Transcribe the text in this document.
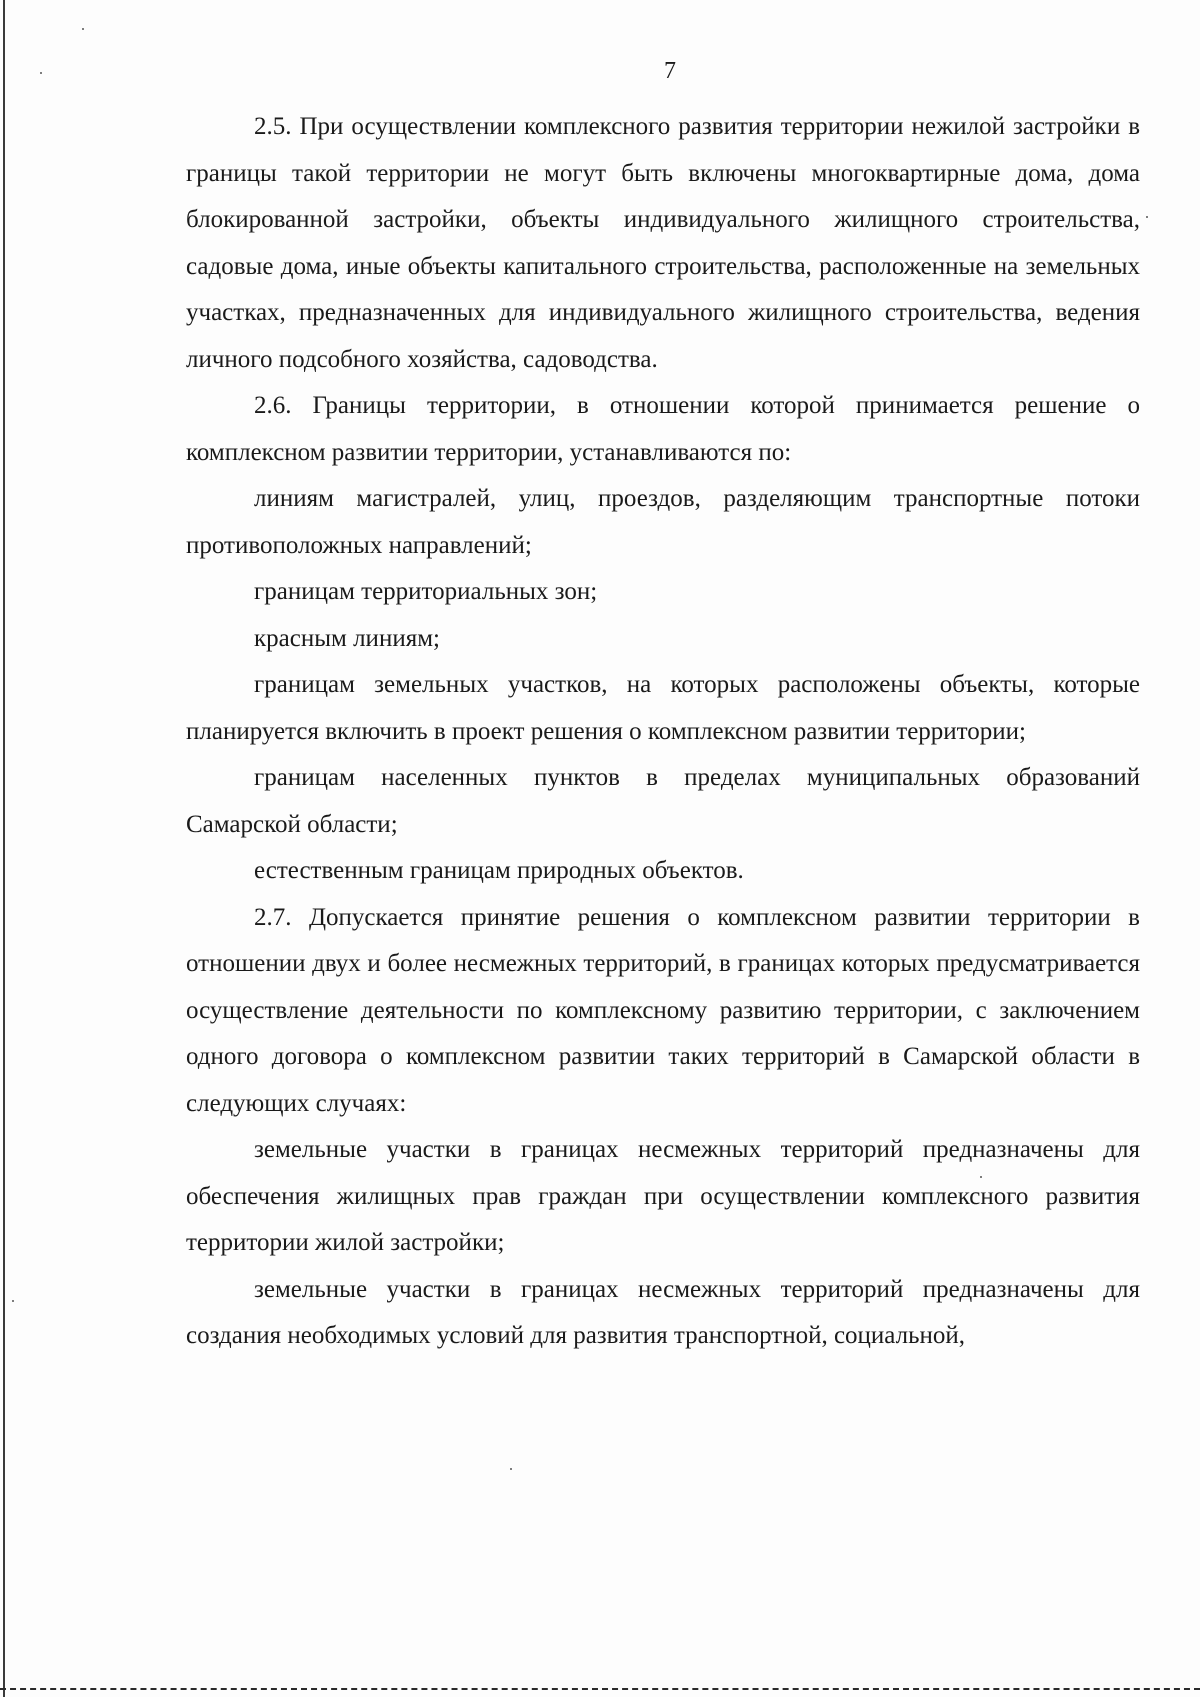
7

2.5. При осуществлении комплексного развития территории нежилой застройки в границы такой территории не могут быть включены многоквартирные дома, дома блокированной застройки, объекты индивидуального жилищного строительства, садовые дома, иные объекты капитального строительства, расположенные на земельных участках, предназначенных для индивидуального жилищного строительства, ведения личного подсобного хозяйства, садоводства.

2.6. Границы территории, в отношении которой принимается решение о комплексном развитии территории, устанавливаются по:

линиям магистралей, улиц, проездов, разделяющим транспортные потоки противоположных направлений;

границам территориальных зон;

красным линиям;

границам земельных участков, на которых расположены объекты, которые планируется включить в проект решения о комплексном развитии территории;

границам населенных пунктов в пределах муниципальных образований Самарской области;

естественным границам природных объектов.

2.7. Допускается принятие решения о комплексном развитии территории в отношении двух и более несмежных территорий, в границах которых предусматривается осуществление деятельности по комплексному развитию территории, с заключением одного договора о комплексном развитии таких территорий в Самарской области в следующих случаях:

земельные участки в границах несмежных территорий предназначены для обеспечения жилищных прав граждан при осуществлении комплексного развития территории жилой застройки;

земельные участки в границах несмежных территорий предназначены для создания необходимых условий для развития транспортной, социальной,
